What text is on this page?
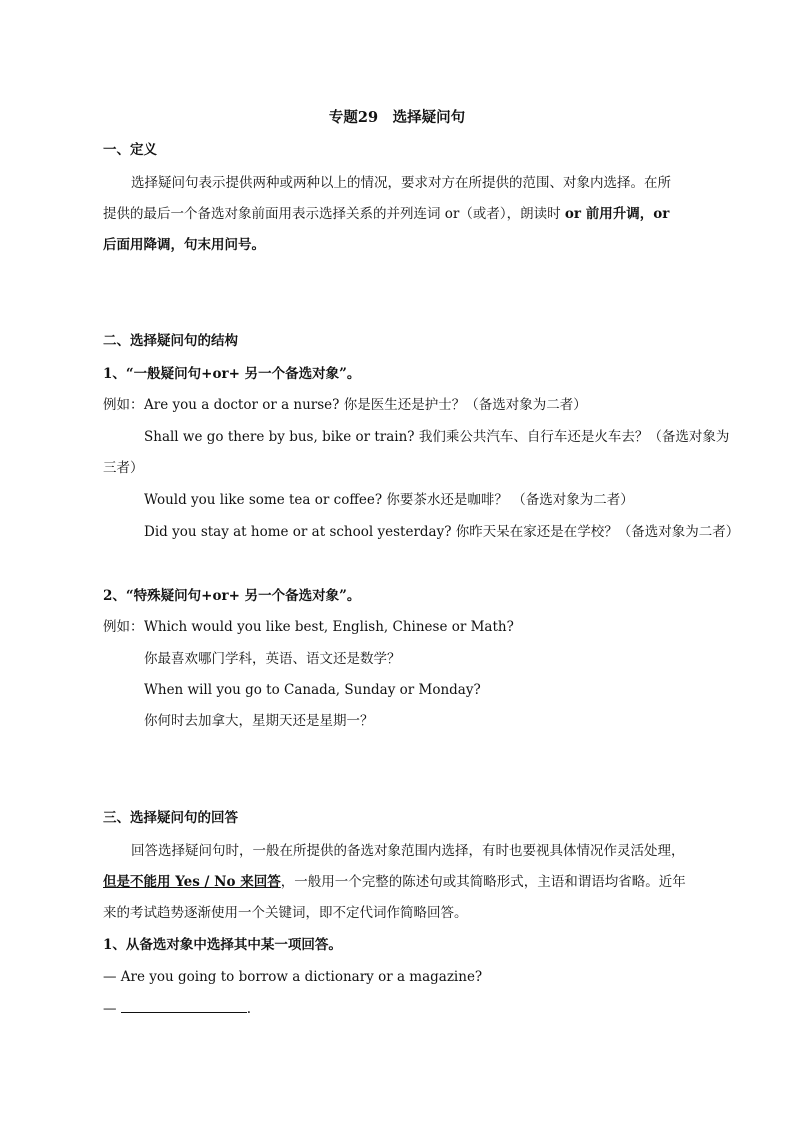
专题29　选择疑问句
一、定义
选择疑问句表示提供两种或两种以上的情况，要求对方在所提供的范围、对象内选择。在所
提供的最后一个备选对象前面用表示选择关系的并列连词 or（或者），朗读时 or 前用升调，or
后面用降调，句末用问号。
二、选择疑问句的结构
1、“一般疑问句+or+ 另一个备选对象”。
例如： Are you a doctor or a nurse? 你是医生还是护士？（备选对象为二者）
Shall we go there by bus, bike or train? 我们乘公共汽车、自行车还是火车去？（备选对象为
三者）
Would you like some tea or coffee? 你要茶水还是咖啡？ （备选对象为二者）
Did you stay at home or at school yesterday? 你昨天呆在家还是在学校？（备选对象为二者）
2、“特殊疑问句+or+ 另一个备选对象”。
例如： Which would you like best, English, Chinese or Math?
你最喜欢哪门学科，英语、语文还是数学？
When will you go to Canada, Sunday or Monday?
你何时去加拿大，星期天还是星期一？
三、选择疑问句的回答
回答选择疑问句时，一般在所提供的备选对象范围内选择，有时也要视具体情况作灵活处理，
但是不能用 Yes / No 来回答，一般用一个完整的陈述句或其简略形式，主语和谓语均省略。近年
来的考试趋势逐渐使用一个关键词，即不定代词作简略回答。
1、从备选对象中选择其中某一项回答。
— Are you going to borrow a dictionary or a magazine?
—	.
